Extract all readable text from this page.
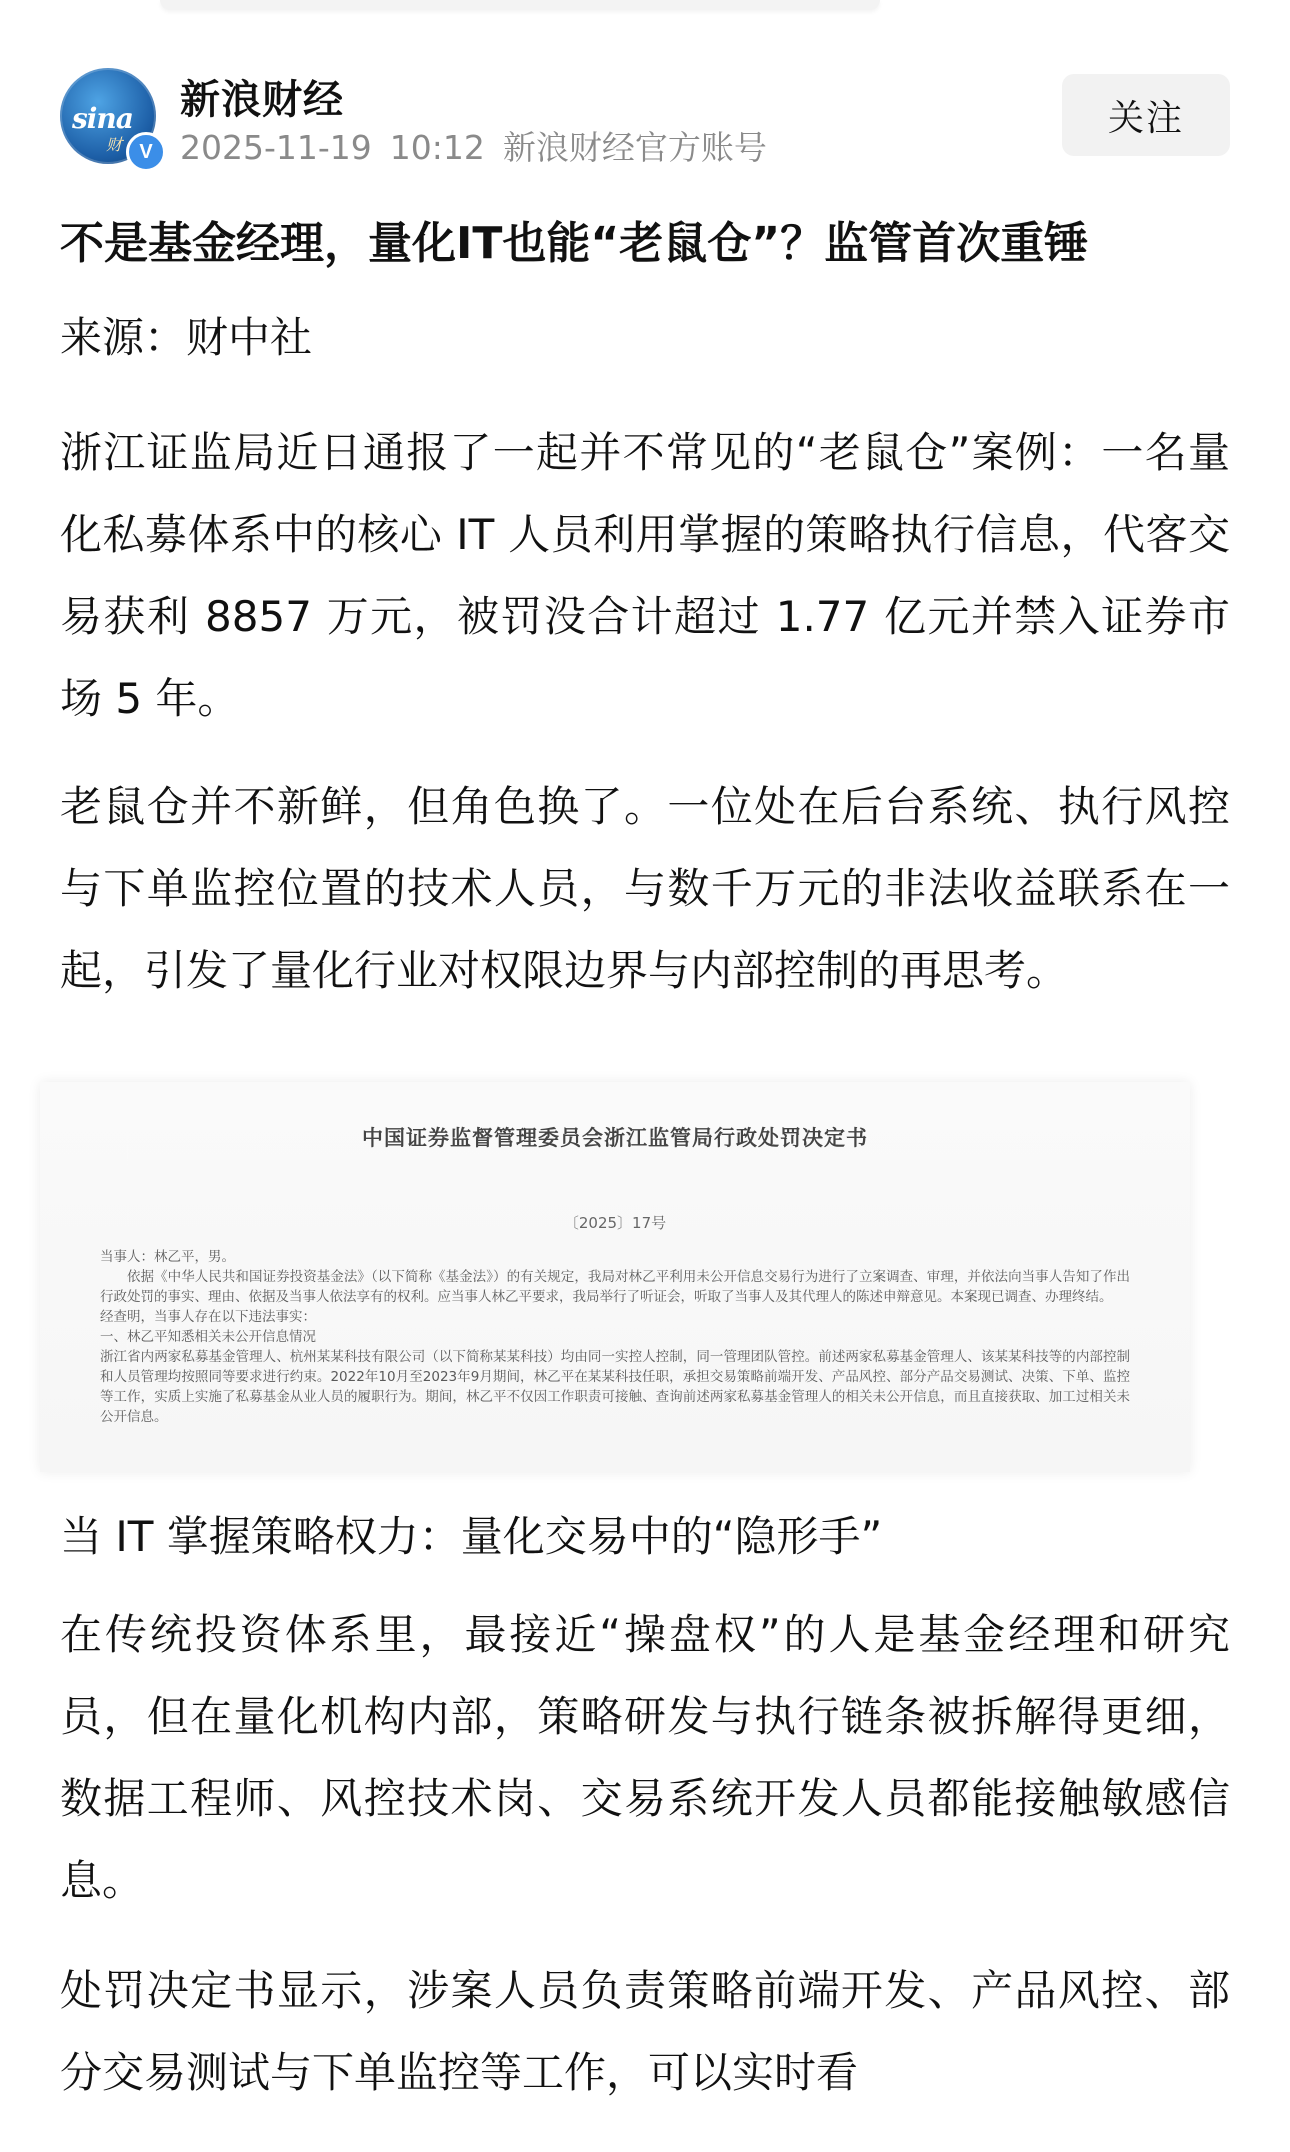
sina
财 V
新浪财经
2025-11-19 10:12 新浪财经官方账号
关注
不是基金经理，量化IT也能“老鼠仓”？监管首次重锤
来源：财中社

浙江证监局近日通报了一起并不常见的“老鼠仓”案例：一名量化私募体系中的核心 IT 人员利用掌握的策略执行信息，代客交易获利 8857 万元，被罚没合计超过 1.77 亿元并禁入证券市场 5 年。

老鼠仓并不新鲜，但角色换了。一位处在后台系统、执行风控与下单监控位置的技术人员，与数千万元的非法收益联系在一起，引发了量化行业对权限边界与内部控制的再思考。

中国证券监督管理委员会浙江监管局行政处罚决定书
〔2025〕17号
当事人：林乙平，男。
依据《中华人民共和国证券投资基金法》（以下简称《基金法》）的有关规定，我局对林乙平利用未公开信息交易行为进行了立案调查、审理，并依法向当事人告知了作出行政处罚的事实、理由、依据及当事人依法享有的权利。应当事人林乙平要求，我局举行了听证会，听取了当事人及其代理人的陈述申辩意见。本案现已调查、办理终结。
经查明，当事人存在以下违法事实：
一、林乙平知悉相关未公开信息情况
浙江省内两家私募基金管理人、杭州某某科技有限公司（以下简称某某科技）均由同一实控人控制，同一管理团队管控。前述两家私募基金管理人、该某某科技等的内部控制和人员管理均按照同等要求进行约束。2022年10月至2023年9月期间，林乙平在某某科技任职，承担交易策略前端开发、产品风控、部分产品交易测试、决策、下单、监控等工作，实质上实施了私募基金从业人员的履职行为。期间，林乙平不仅因工作职责可接触、查询前述两家私募基金管理人的相关未公开信息，而且直接获取、加工过相关未公开信息。
当 IT 掌握策略权力：量化交易中的“隐形手”

在传统投资体系里，最接近“操盘权”的人是基金经理和研究员，但在量化机构内部，策略研发与执行链条被拆解得更细，数据工程师、风控技术岗、交易系统开发人员都能接触敏感信息。

处罚决定书显示，涉案人员负责策略前端开发、产品风控、部分交易测试与下单监控等工作，可以实时看
